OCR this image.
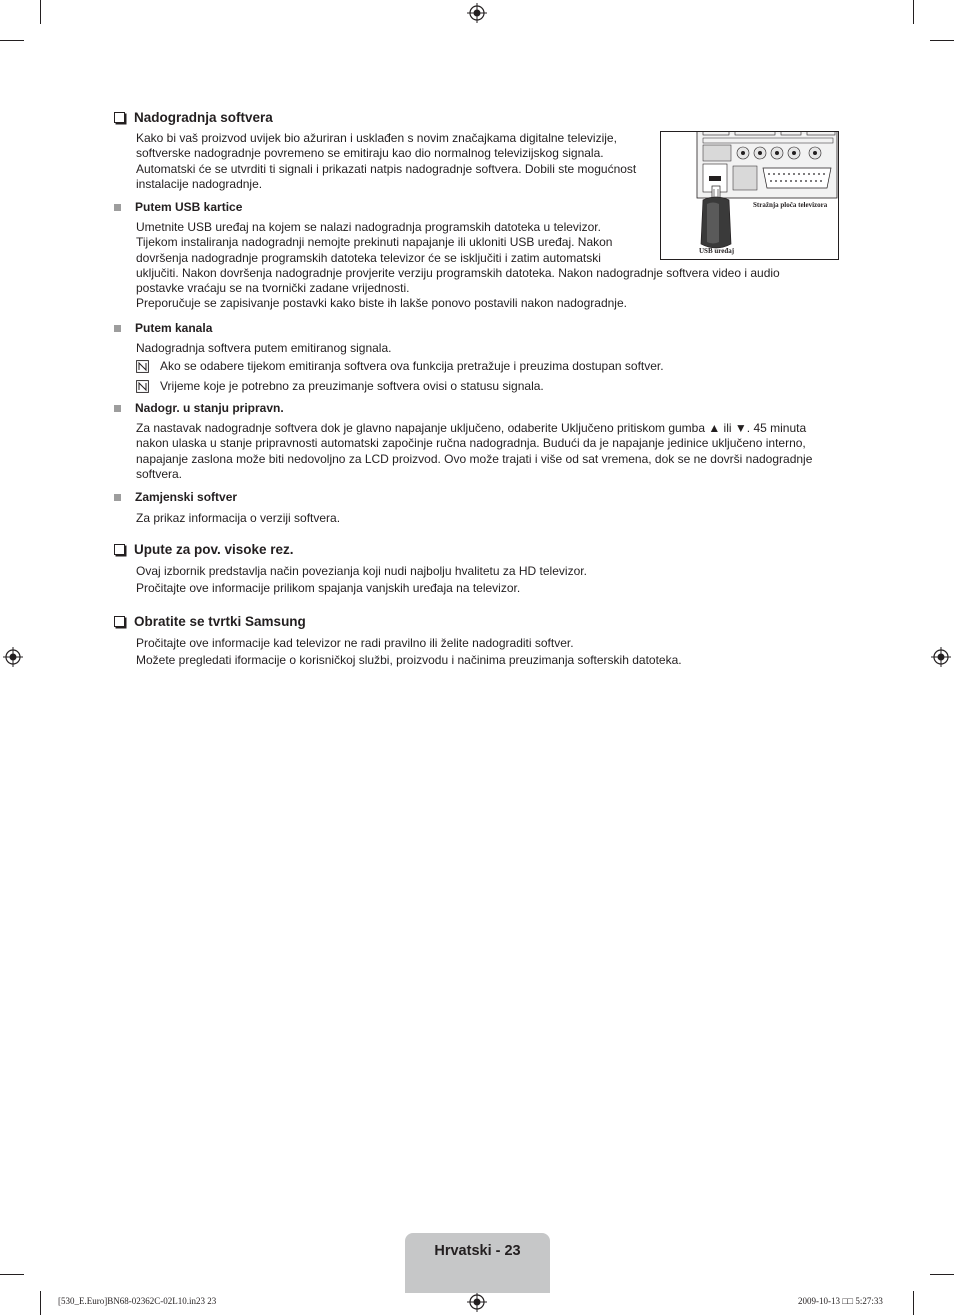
Nadogradnja softvera
Kako bi vaš proizvod uvijek bio ažuriran i usklađen s novim značajkama digitalne televizije,
softverske nadogradnje povremeno se emitiraju kao dio normalnog televizijskog signala.
Automatski će se utvrditi ti signali i prikazati natpis nadogradnje softvera. Dobili ste mogućnost
instalacije nadogradnje.
Stražnja ploča televizora
USB uređaj
Putem USB kartice
Umetnite USB uređaj na kojem se nalazi nadogradnja programskih datoteka u televizor.
Tijekom instaliranja nadogradnji nemojte prekinuti napajanje ili ukloniti USB uređaj. Nakon
dovršenja nadogradnje programskih datoteka televizor će se isključiti i zatim automatski
uključiti. Nakon dovršenja nadogradnje provjerite verziju programskih datoteka. Nakon nadogradnje softvera video i audio
postavke vraćaju se na tvornički zadane vrijednosti.
Preporučuje se zapisivanje postavki kako biste ih lakše ponovo postavili nakon nadogradnje.
Putem kanala
Nadogradnja softvera putem emitiranog signala.
Ako se odabere tijekom emitiranja softvera ova funkcija pretražuje i preuzima dostupan softver.
Vrijeme koje je potrebno za preuzimanje softvera ovisi o statusu signala.
Nadogr. u stanju pripravn.
Za nastavak nadogradnje softvera dok je glavno napajanje uključeno, odaberite Uključeno pritiskom gumba ▲ ili ▼. 45 minuta
nakon ulaska u stanje pripravnosti automatski započinje ručna nadogradnja. Budući da je napajanje jedinice uključeno interno,
napajanje zaslona može biti nedovoljno za LCD proizvod. Ovo može trajati i više od sat vremena, dok se ne dovrši nadogradnje
softvera.
Zamjenski softver
Za prikaz informacija o verziji softvera.
Upute za pov. visoke rez.
Ovaj izbornik predstavlja način povezianja koji nudi najbolju hvalitetu za HD televizor.
Pročitajte ove informacije prilikom spajanja vanjskih uređaja na televizor.
Obratite se tvrtki Samsung
Pročitajte ove informacije kad televizor ne radi pravilno ili želite nadograditi softver.
Možete pregledati iformacije o korisničkoj službi, proizvodu i načinima preuzimanja softerskih datoteka.
Hrvatski - 23
[530_E.Euro]BN68-02362C-02L10.in23 23	2009-10-13 □□ 5:27:33
